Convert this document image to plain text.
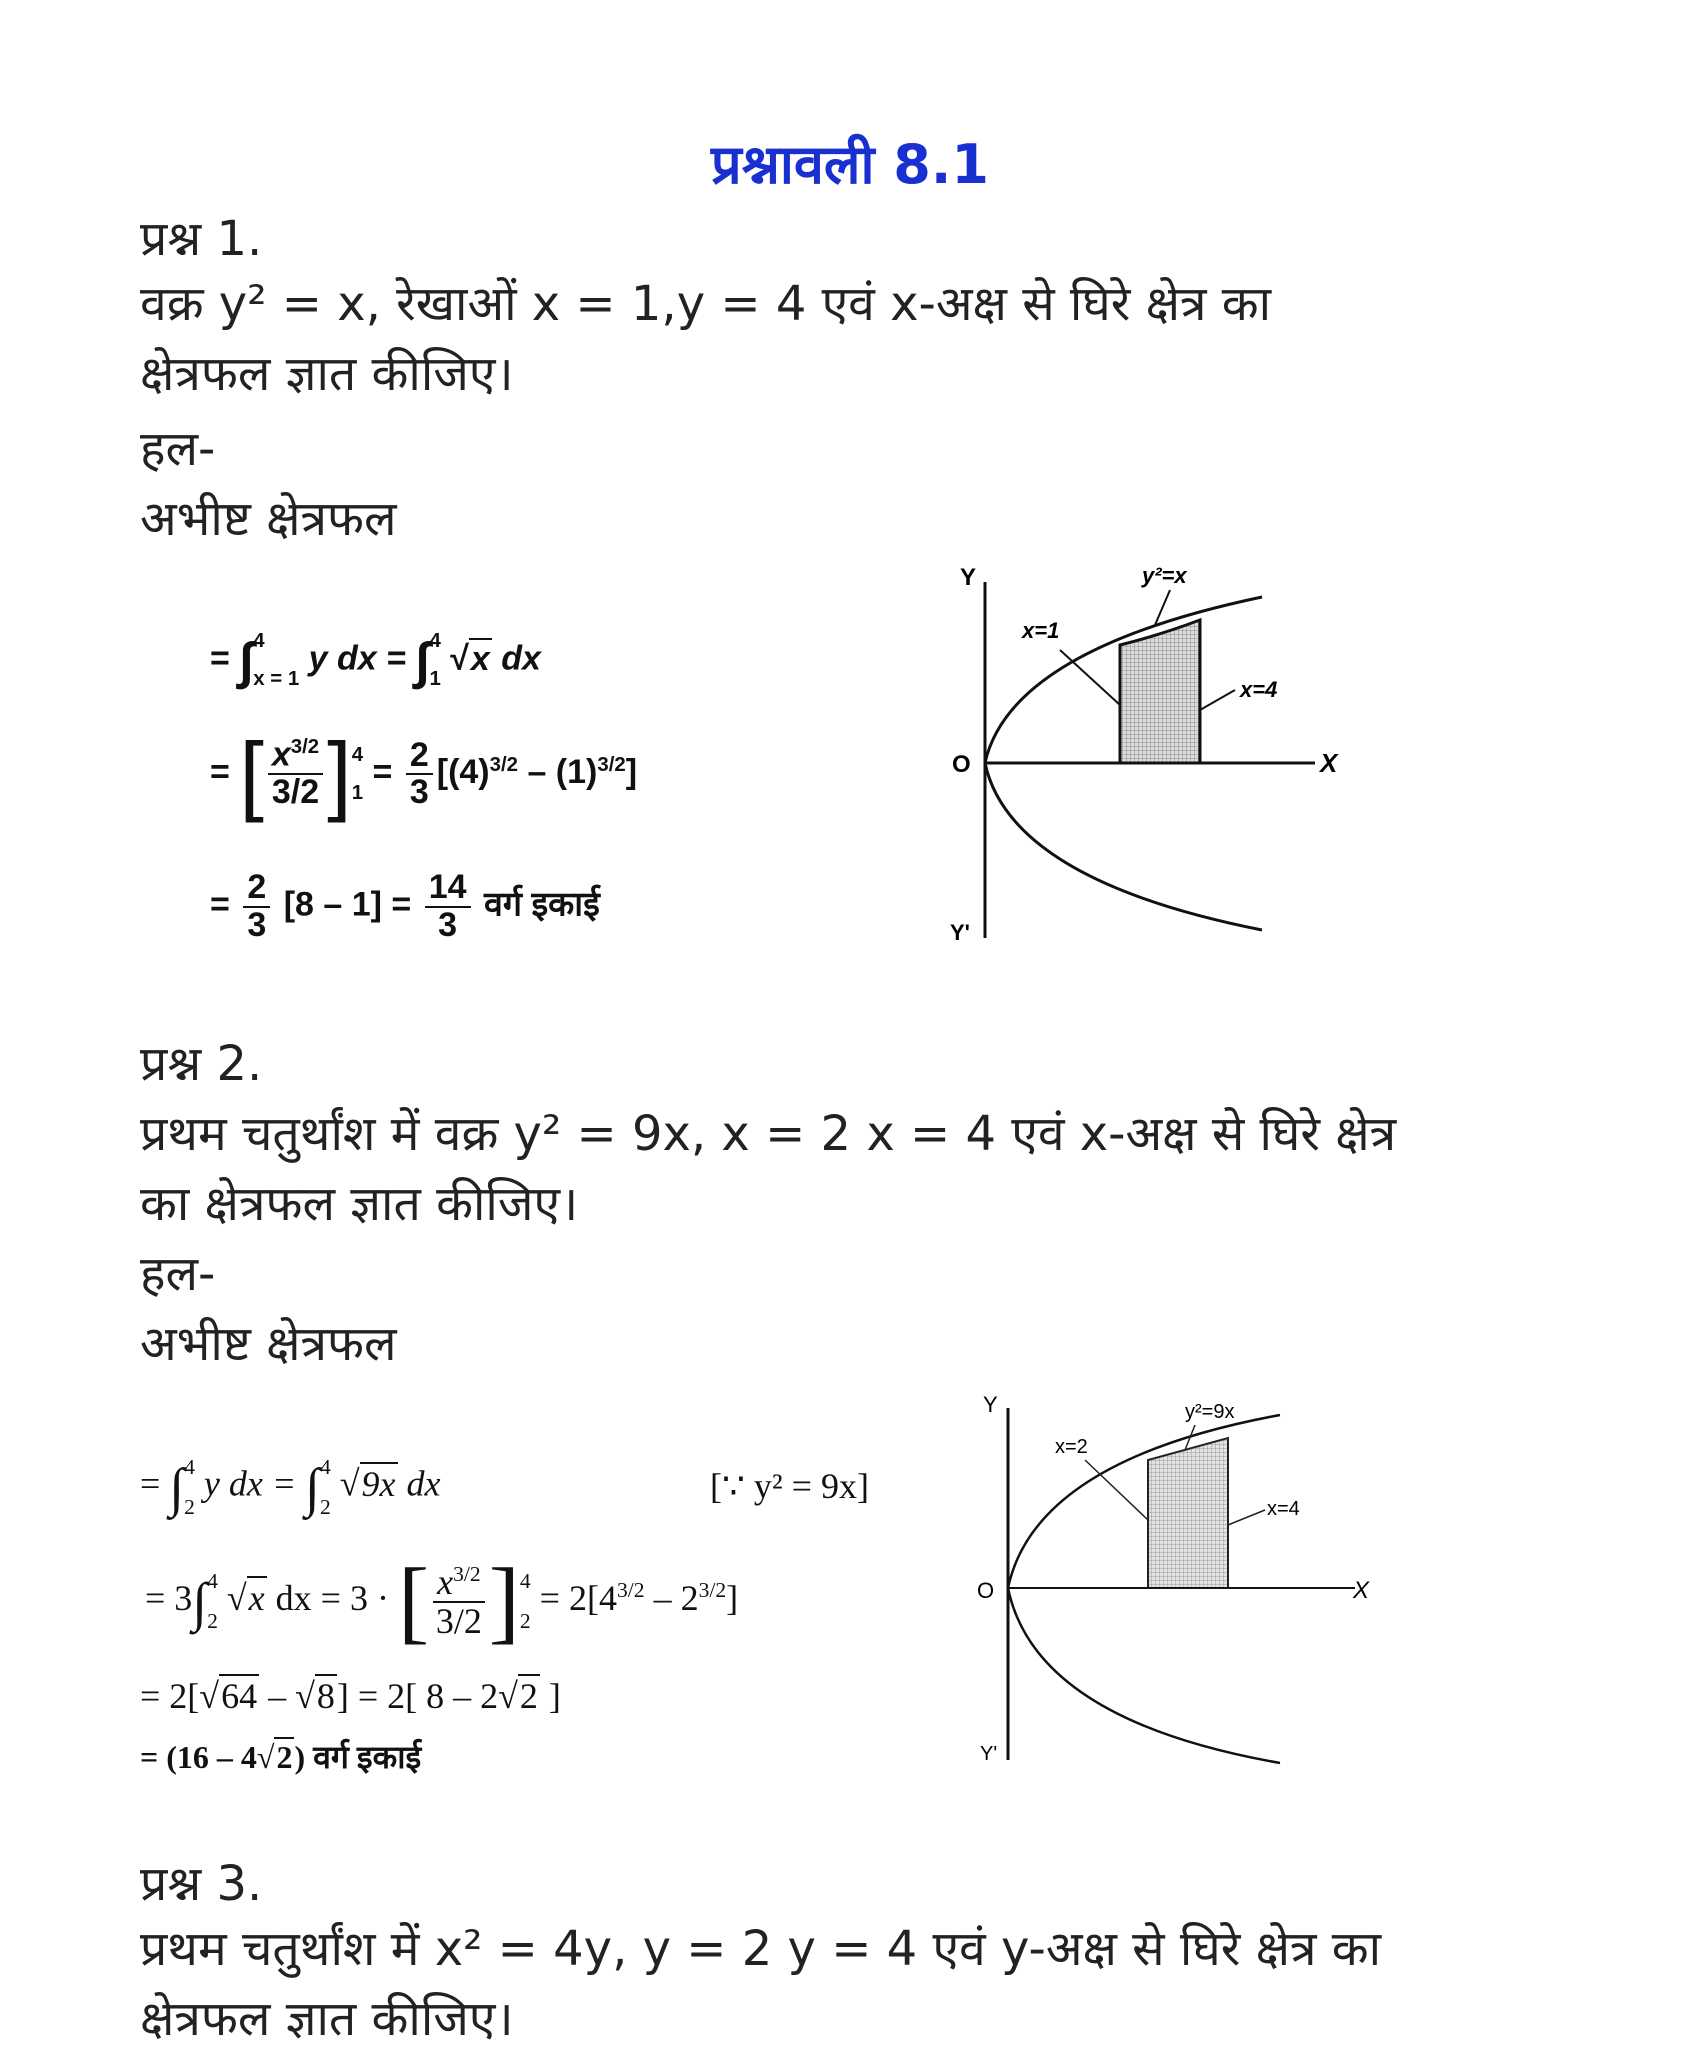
प्रश्नावली 8.1
प्रश्न 1.
वक्र y² = x, रेखाओं x = 1,y = 4 एवं x-अक्ष से घिरे क्षेत्र का
क्षेत्रफल ज्ञात कीजिए।
हल-
अभीष्ट क्षेत्रफल
= ∫ 4
x = 1
y dx = ∫ 4
1
√x dx
= [ $\frac{x^{3/2}}{3/2}$ ] 4
1
= $\frac{2}{3} [(4)^{3/2} - (1)^{3/2}]$
= $\frac{2}{3} [8 - 1] = \frac{14}{3}$ वर्ग इकाई
Y
Y'
X
O
y²=x
x=1
x=4
प्रश्न 2.
प्रथम चतुर्थांश में वक्र y² = 9x, x = 2 x = 4 एवं x-अक्ष से घिरे क्षेत्र
का क्षेत्रफल ज्ञात कीजिए।
हल-
अभीष्ट क्षेत्रफल
= ∫ 4
2
y dx = ∫ 4
2
√9x dx	[∵ y² = 9x]
= 3∫ 4
2
√x dx = 3 · [ $\frac{x^{3/2}}{3/2}$ ] 4
2
= $2[4^{3/2} - 2^{3/2}]$
= 2[√64 – √8] = 2[ 8 – 2√2 ]
= (16 – 4√2) वर्ग इकाई
Y
Y'
X
O
y²=9x
x=2
x=4
प्रश्न 3.
प्रथम चतुर्थांश में x² = 4y, y = 2 y = 4 एवं y-अक्ष से घिरे क्षेत्र का
क्षेत्रफल ज्ञात कीजिए।
